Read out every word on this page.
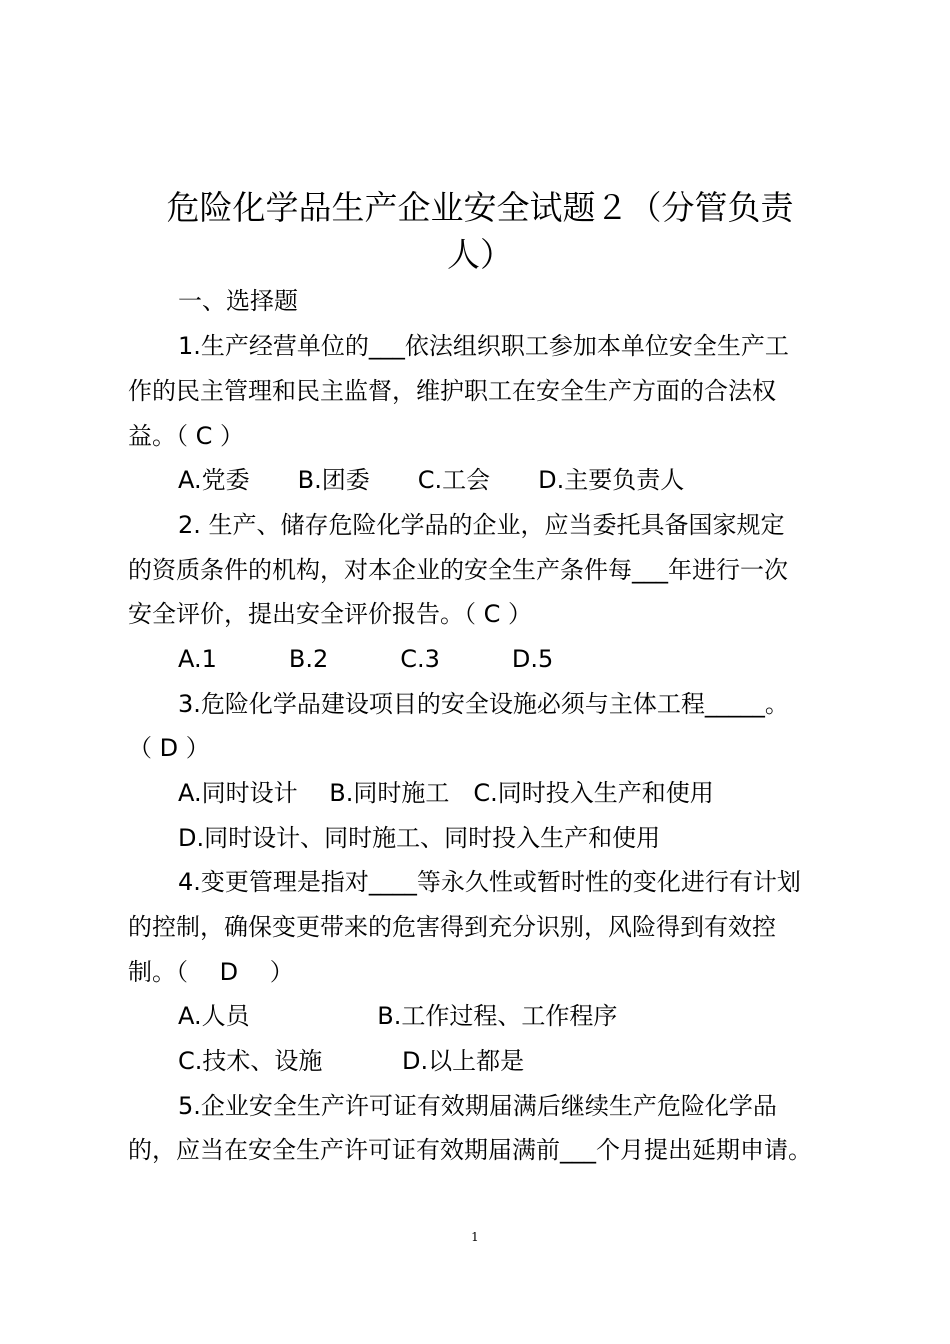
危险化学品生产企业安全试题２（分管负责
人）
一、选择题
1.生产经营单位的___依法组织职工参加本单位安全生产工
作的民主管理和民主监督，维护职工在安全生产方面的合法权
益。（ C ）
A.党委　　B.团委　　C.工会　　D.主要负责人
2. 生产、储存危险化学品的企业，应当委托具备国家规定
的资质条件的机构，对本企业的安全生产条件每___年进行一次
安全评价，提出安全评价报告。（ C ）
A.1　　　B.2　　　C.3　　　D.5
3.危险化学品建设项目的安全设施必须与主体工程_____。
（ D ）
A.同时设计　 B.同时施工　C.同时投入生产和使用
D.同时设计、同时施工、同时投入生产和使用
4.变更管理是指对____等永久性或暂时性的变化进行有计划
的控制，确保变更带来的危害得到充分识别，风险得到有效控
制。（　 D　 ）
A.人员　　　　　 B.工作过程、工作程序
C.技术、设施　　　 D.以上都是
5.企业安全生产许可证有效期届满后继续生产危险化学品
的，应当在安全生产许可证有效期届满前___个月提出延期申请。
1
